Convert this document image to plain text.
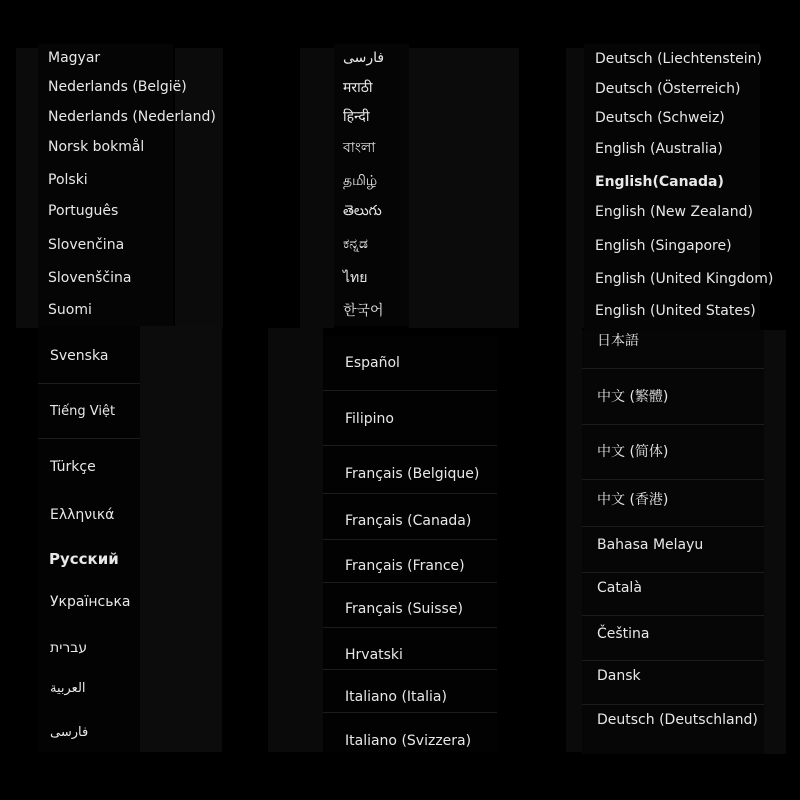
Magyar
Nederlands (België)
Nederlands (Nederland)
Norsk bokmål
Polski
Português
Slovenčina
Slovenščina
Suomi
Svenska
Tiếng Việt
Türkçe
Ελληνικά
Русский
Українська
עברית
العربية
فارسی
فارسی
मराठी
हिन्दी
বাংলা
தமிழ்
తెలుగు
ಕನ್ನಡ
ไทย
한국어
Español
Filipino
Français (Belgique)
Français (Canada)
Français (France)
Français (Suisse)
Hrvatski
Italiano (Italia)
Italiano (Svizzera)
Deutsch (Liechtenstein)
Deutsch (Österreich)
Deutsch (Schweiz)
English (Australia)
English(Canada)
English (New Zealand)
English (Singapore)
English (United Kingdom)
English (United States)
日本語
中文 (繁體)
中文 (简体)
中文 (香港)
Bahasa Melayu
Català
Čeština
Dansk
Deutsch (Deutschland)
